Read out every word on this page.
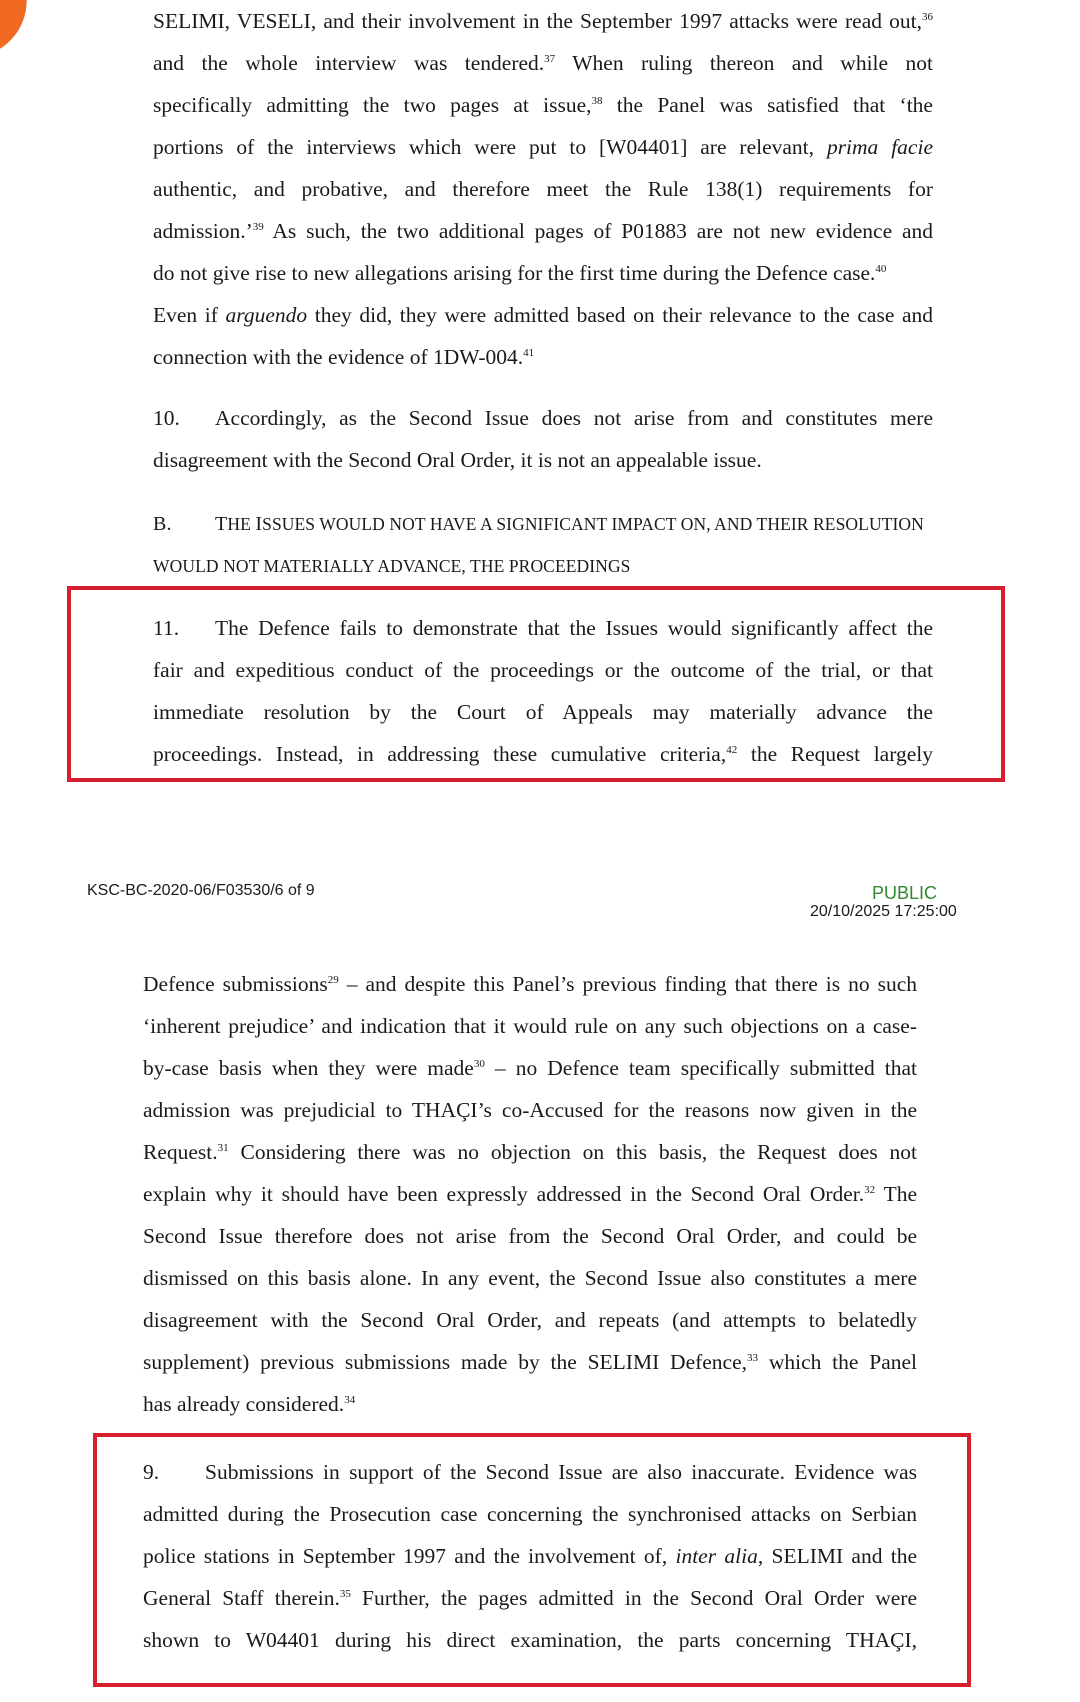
SELIMI, VESELI, and their involvement in the September 1997 attacks were read out,$^{36}$
and the whole interview was tendered.$^{37}$ When ruling thereon and while not
specifically admitting the two pages at issue,$^{38}$ the Panel was satisfied that ‘the
portions of the interviews which were put to [W04401] are relevant, prima facie
authentic, and probative, and therefore meet the Rule 138(1) requirements for
admission.’$^{39}$ As such, the two additional pages of P01883 are not new evidence and
do not give rise to new allegations arising for the first time during the Defence case.$^{40}$
Even if arguendo they did, they were admitted based on their relevance to the case and
connection with the evidence of 1DW-004.41
10. Accordingly, as the Second Issue does not arise from and constitutes mere
disagreement with the Second Oral Order, it is not an appealable issue.
B. THE ISSUES WOULD NOT HAVE A SIGNIFICANT IMPACT ON, AND THEIR RESOLUTION
WOULD NOT MATERIALLY ADVANCE, THE PROCEEDINGS
11. The Defence fails to demonstrate that the Issues would significantly affect the
fair and expeditious conduct of the proceedings or the outcome of the trial, or that
immediate resolution by the Court of Appeals may materially advance the
proceedings. Instead, in addressing these cumulative criteria,$^{42}$ the Request largely
KSC-BC-2020-06/F03530/6 of 9	PUBLIC
20/10/2025 17:25:00
Defence submissions$^{29}$ – and despite this Panel’s previous finding that there is no such
‘inherent prejudice’ and indication that it would rule on any such objections on a case-
by-case basis when they were made$^{30}$ – no Defence team specifically submitted that
admission was prejudicial to THAÇI’s co-Accused for the reasons now given in the
Request.$^{31}$ Considering there was no objection on this basis, the Request does not
explain why it should have been expressly addressed in the Second Oral Order.$^{32}$ The
Second Issue therefore does not arise from the Second Oral Order, and could be
dismissed on this basis alone. In any event, the Second Issue also constitutes a mere
disagreement with the Second Oral Order, and repeats (and attempts to belatedly
supplement) previous submissions made by the SELIMI Defence,$^{33}$ which the Panel
has already considered.$^{34}$
9. Submissions in support of the Second Issue are also inaccurate. Evidence was
admitted during the Prosecution case concerning the synchronised attacks on Serbian
police stations in September 1997 and the involvement of, inter alia, SELIMI and the
General Staff therein.$^{35}$ Further, the pages admitted in the Second Oral Order were
shown to W04401 during his direct examination, the parts concerning THAÇI,
